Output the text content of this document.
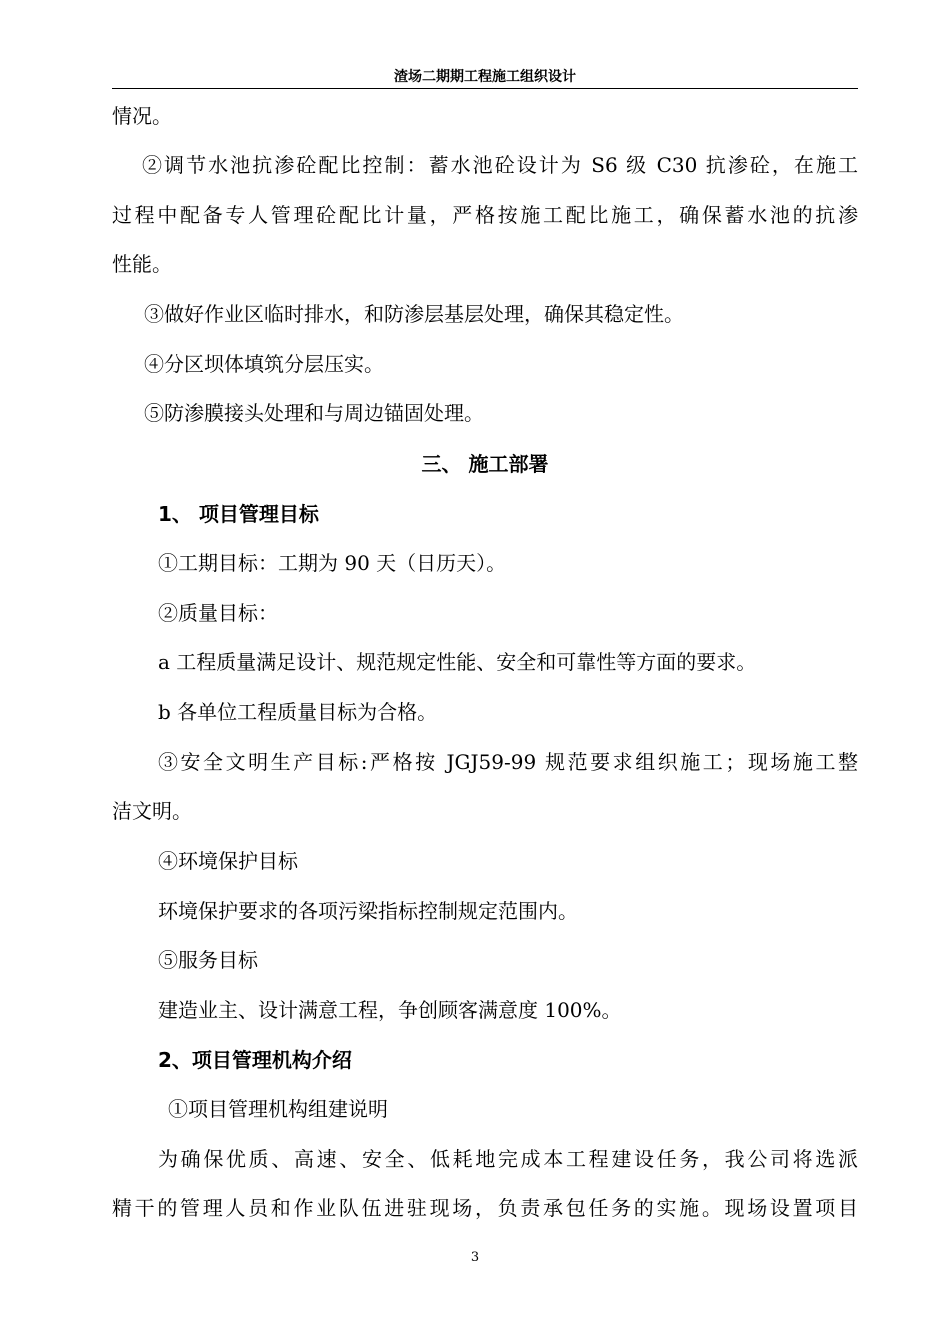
渣场二期期工程施工组织设计
情况。
②调节水池抗渗砼配比控制：蓄水池砼设计为 S6 级 C30 抗渗砼，在施工
过程中配备专人管理砼配比计量，严格按施工配比施工，确保蓄水池的抗渗
性能。
③做好作业区临时排水，和防渗层基层处理，确保其稳定性。
④分区坝体填筑分层压实。
⑤防渗膜接头处理和与周边锚固处理。
三、 施工部署
1、 项目管理目标
①工期目标：工期为 90 天（日历天）。
②质量目标：
a 工程质量满足设计、规范规定性能、安全和可靠性等方面的要求。
b 各单位工程质量目标为合格。
③安全文明生产目标:严格按 JGJ59-99 规范要求组织施工；现场施工整
洁文明。
④环境保护目标
环境保护要求的各项污梁指标控制规定范围内。
⑤服务目标
建造业主、设计满意工程，争创顾客满意度 100%。
2、项目管理机构介绍
①项目管理机构组建说明
为确保优质、高速、安全、低耗地完成本工程建设任务，我公司将选派
精干的管理人员和作业队伍进驻现场，负责承包任务的实施。现场设置项目
3
